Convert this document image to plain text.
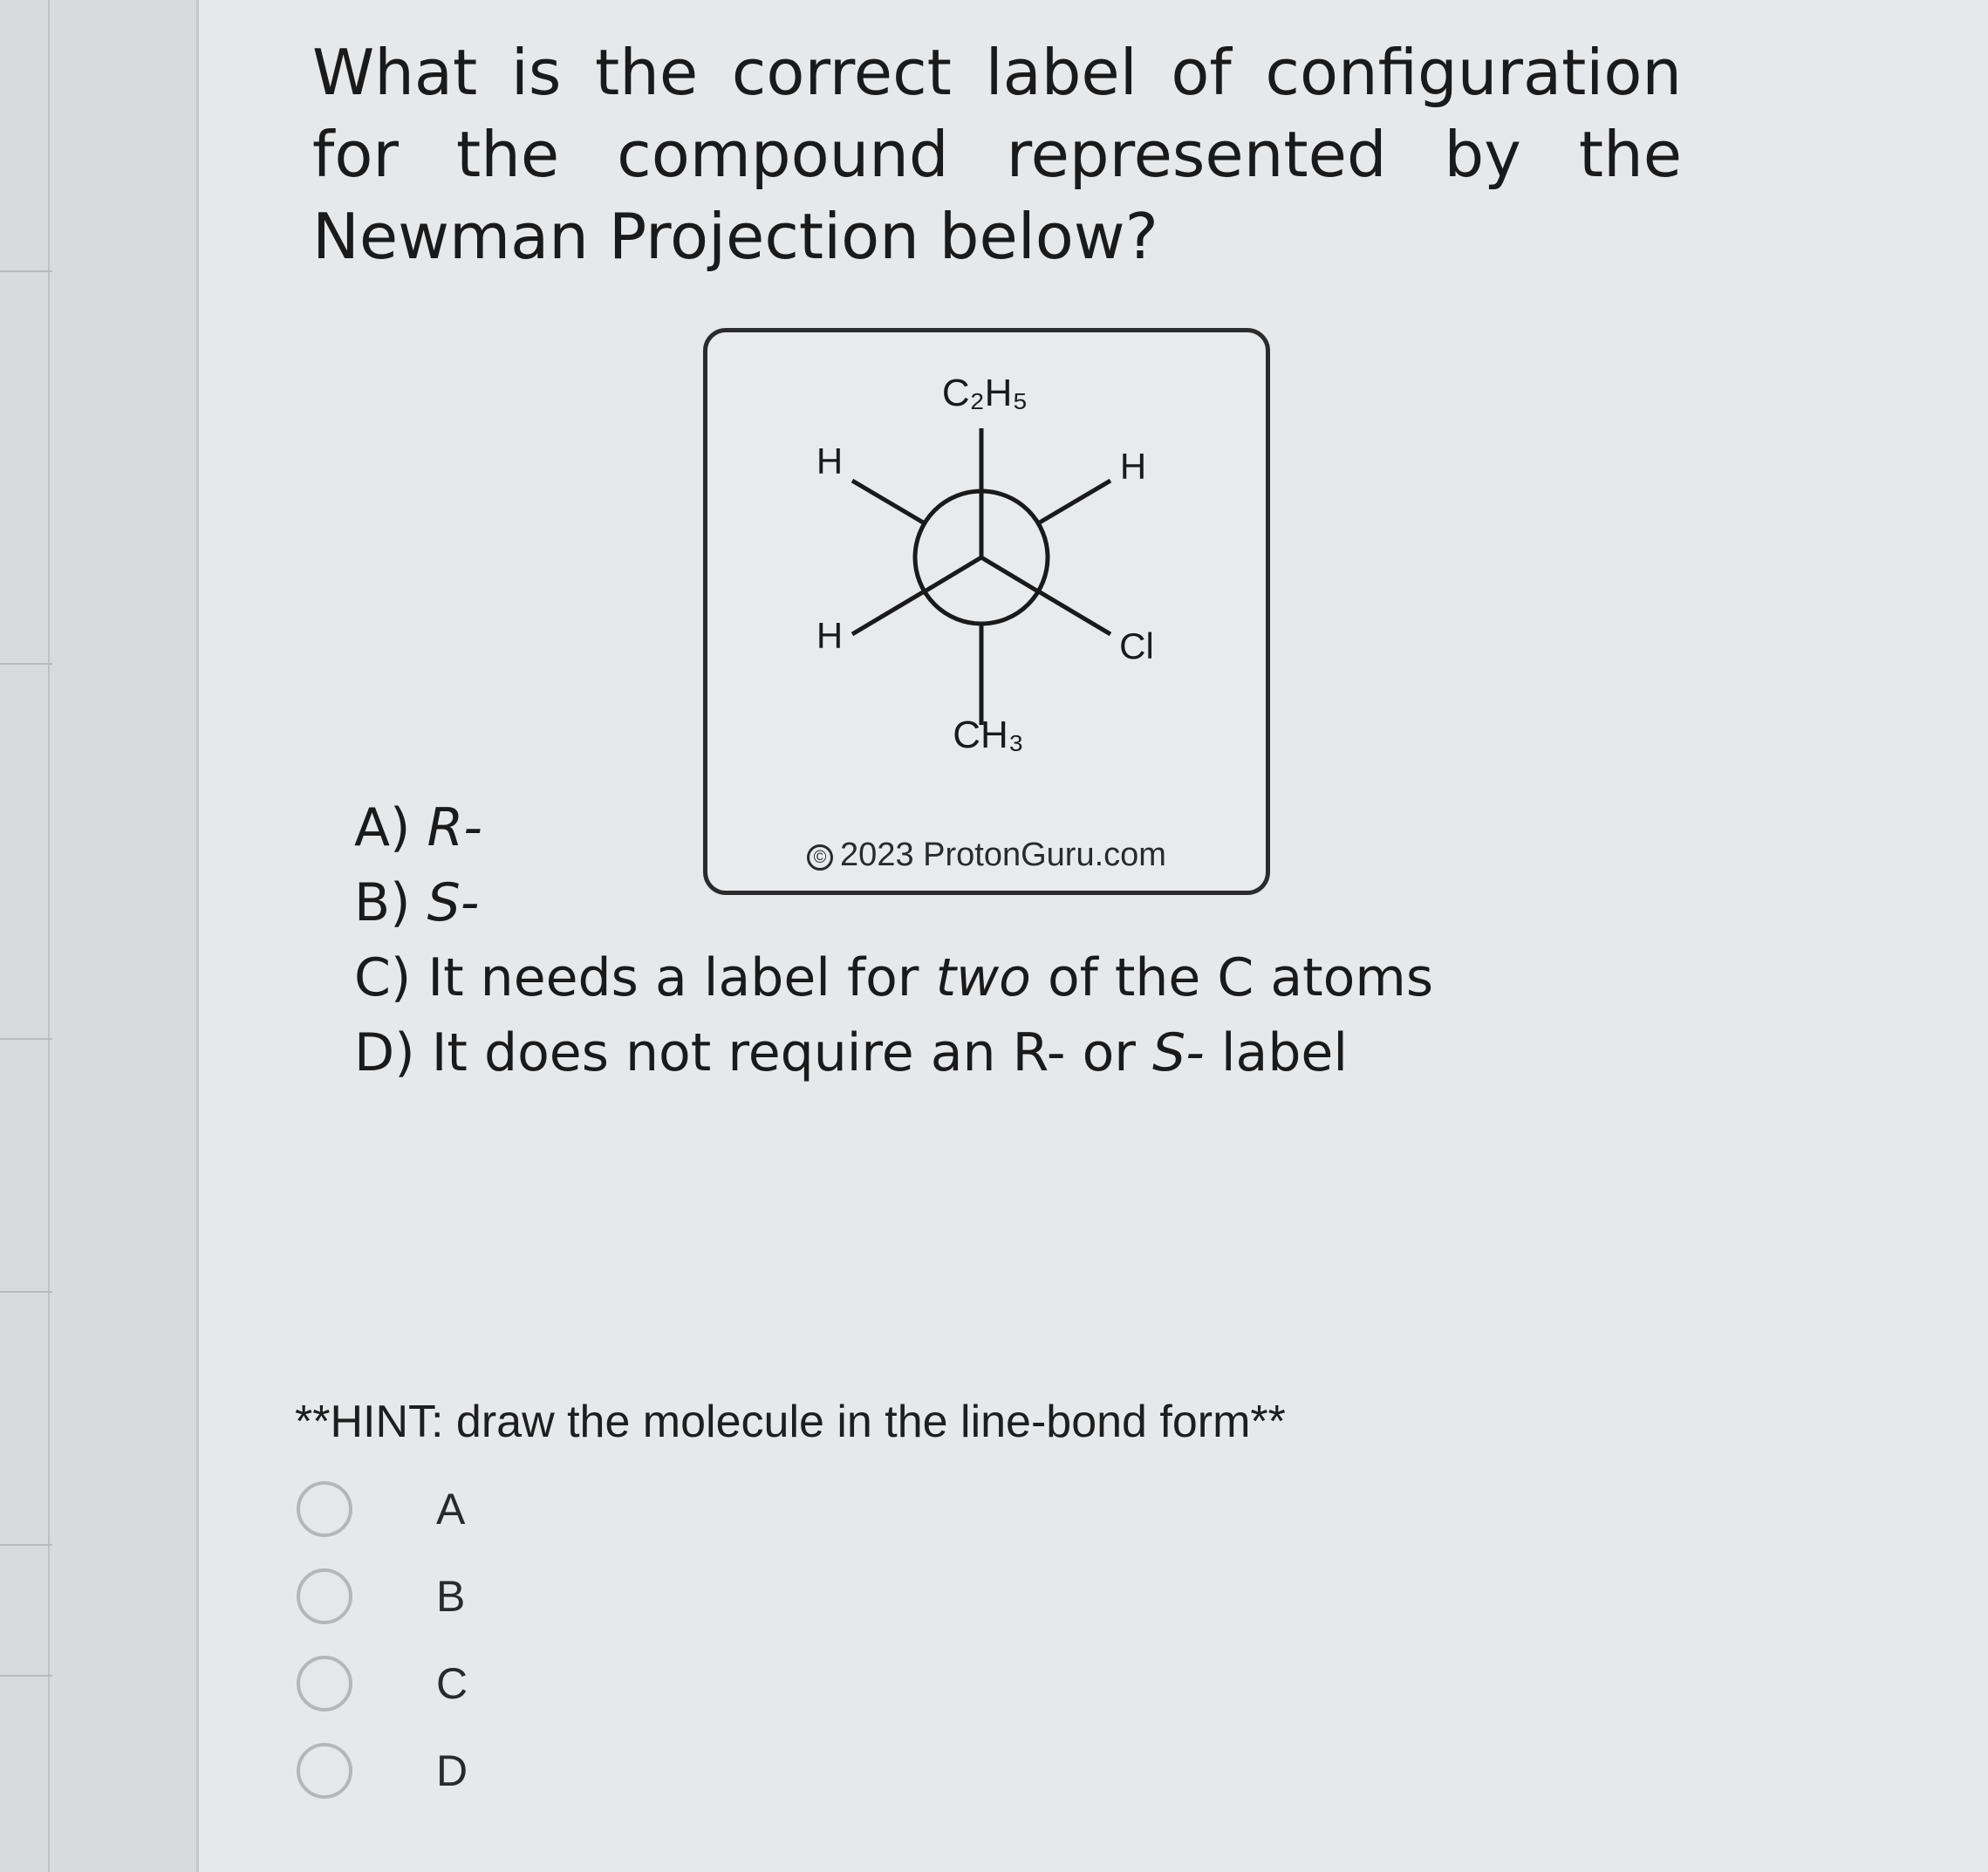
What is the correct label of configuration for the compound represented by the Newman Projection below?
C₂H₅
H	H
H	Cl
CH₃
© 2023 ProtonGuru.com
A) R-
B) S-
C) It needs a label for two of the C atoms
D) It does not require an R- or S- label
**HINT: draw the molecule in the line-bond form**
A
B
C
D
